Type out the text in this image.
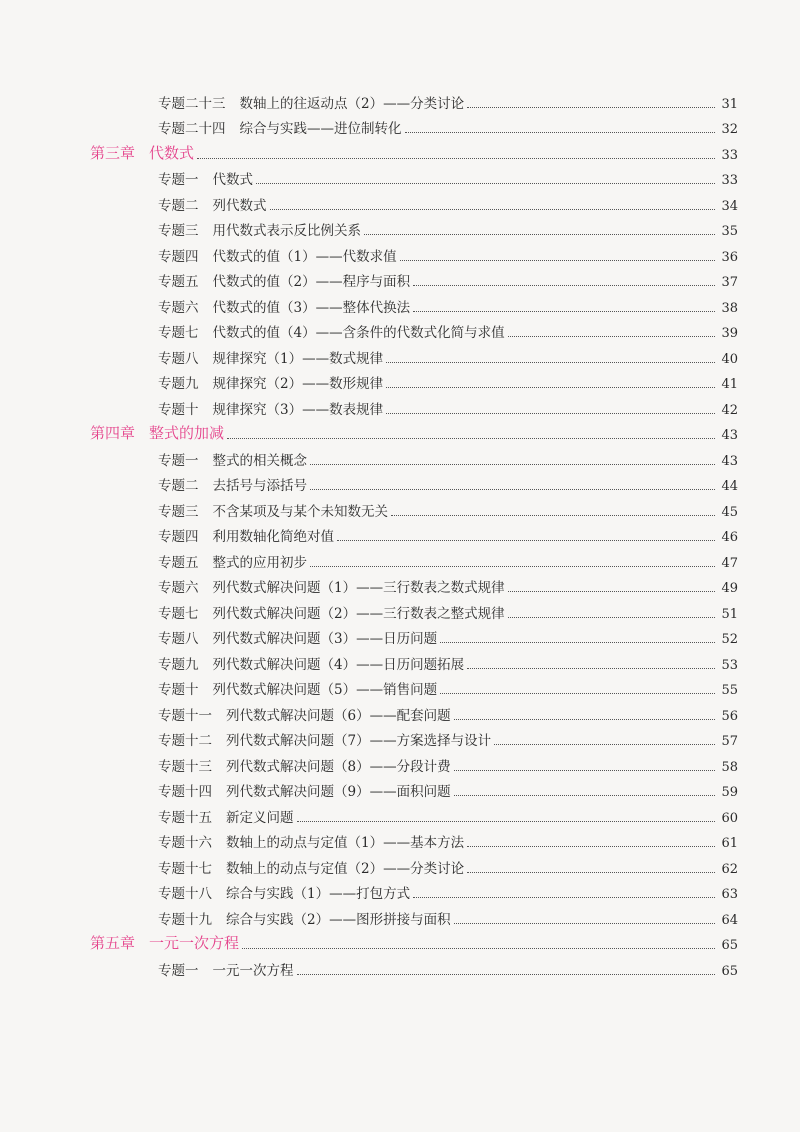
专题二十三 数轴上的往返动点（2）——分类讨论	31
专题二十四 综合与实践——进位制转化	32
第三章 代数式	33
专题一 代数式	33
专题二 列代数式	34
专题三 用代数式表示反比例关系	35
专题四 代数式的值（1）——代数求值	36
专题五 代数式的值（2）——程序与面积	37
专题六 代数式的值（3）——整体代换法	38
专题七 代数式的值（4）——含条件的代数式化简与求值	39
专题八 规律探究（1）——数式规律	40
专题九 规律探究（2）——数形规律	41
专题十 规律探究（3）——数表规律	42
第四章 整式的加减	43
专题一 整式的相关概念	43
专题二 去括号与添括号	44
专题三 不含某项及与某个未知数无关	45
专题四 利用数轴化简绝对值	46
专题五 整式的应用初步	47
专题六 列代数式解决问题（1）——三行数表之数式规律	49
专题七 列代数式解决问题（2）——三行数表之整式规律	51
专题八 列代数式解决问题（3）——日历问题	52
专题九 列代数式解决问题（4）——日历问题拓展	53
专题十 列代数式解决问题（5）——销售问题	55
专题十一 列代数式解决问题（6）——配套问题	56
专题十二 列代数式解决问题（7）——方案选择与设计	57
专题十三 列代数式解决问题（8）——分段计费	58
专题十四 列代数式解决问题（9）——面积问题	59
专题十五 新定义问题	60
专题十六 数轴上的动点与定值（1）——基本方法	61
专题十七 数轴上的动点与定值（2）——分类讨论	62
专题十八 综合与实践（1）——打包方式	63
专题十九 综合与实践（2）——图形拼接与面积	64
第五章 一元一次方程	65
专题一 一元一次方程	65
